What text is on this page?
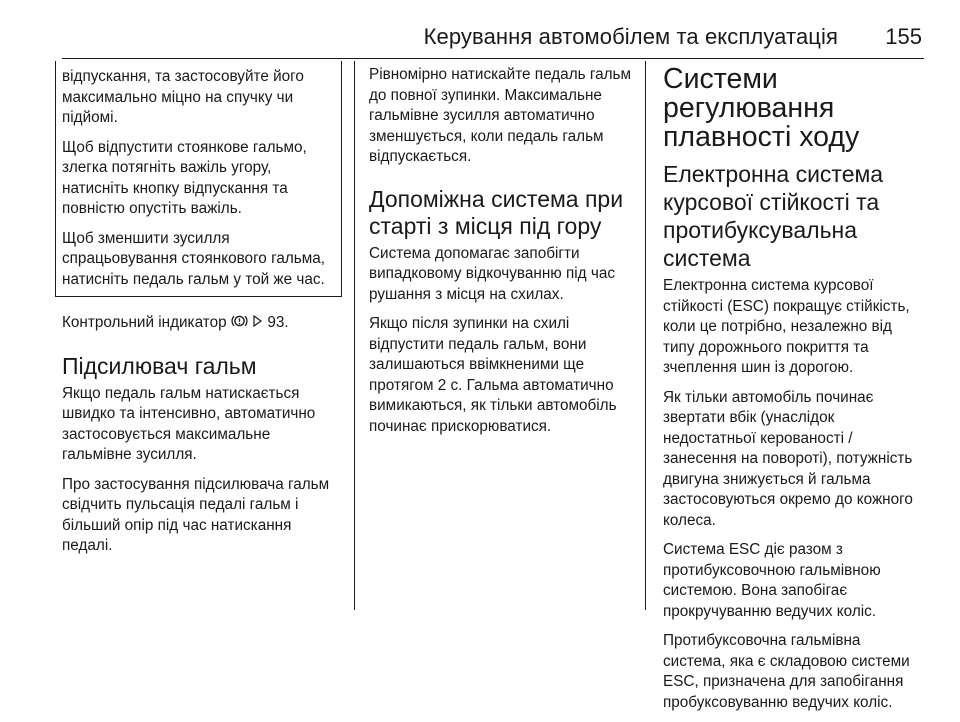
Керування автомобілем та експлуатація 155

відпускання, та застосовуйте його максимально міцно на спучку чи підйомі.

Щоб відпустити стоянкове гальмо, злегка потягніть важіль угору, натисніть кнопку відпускання та повністю опустіть важіль.

Щоб зменшити зусилля спрацьовування стоянкового гальма, натисніть педаль гальм у той же час.

Контрольний індикатор	93.

Підсилювач гальм

Якщо педаль гальм натискається швидко та інтенсивно, автоматично застосовується максимальне гальмівне зусилля.

Про застосування підсилювача гальм свідчить пульсація педалі гальм і більший опір під час натискання педалі.

Рівномірно натискайте педаль гальм до повної зупинки. Максимальне гальмівне зусилля автоматично зменшується, коли педаль гальм відпускається.

Допоміжна система при старті з місця під гору

Система допомагає запобігти випадковому відкочуванню під час рушання з місця на схилах.

Якщо після зупинки на схилі відпустити педаль гальм, вони залишаються ввімкненими ще протягом 2 с. Гальма автоматично вимикаються, як тільки автомобіль починає прискорюватися.

Системи регулювання плавності ходу
Електронна система курсової стійкості та протибуксувальна система

Електронна система курсової стійкості (ESC) покращує стійкість, коли це потрібно, незалежно від типу дорожнього покриття та зчеплення шин із дорогою.

Як тільки автомобіль починає звертати вбік (унаслідок недостатньої керованості / занесення на повороті), потужність двигуна знижується й гальма застосовуються окремо до кожного колеса.

Система ESC діє разом з протибуксовочною гальмівною системою. Вона запобігає прокручуванню ведучих коліс.

Протибуксовочна гальмівна система, яка є складовою системи ESC, призначена для запобігання пробуксовуванню ведучих коліс.
